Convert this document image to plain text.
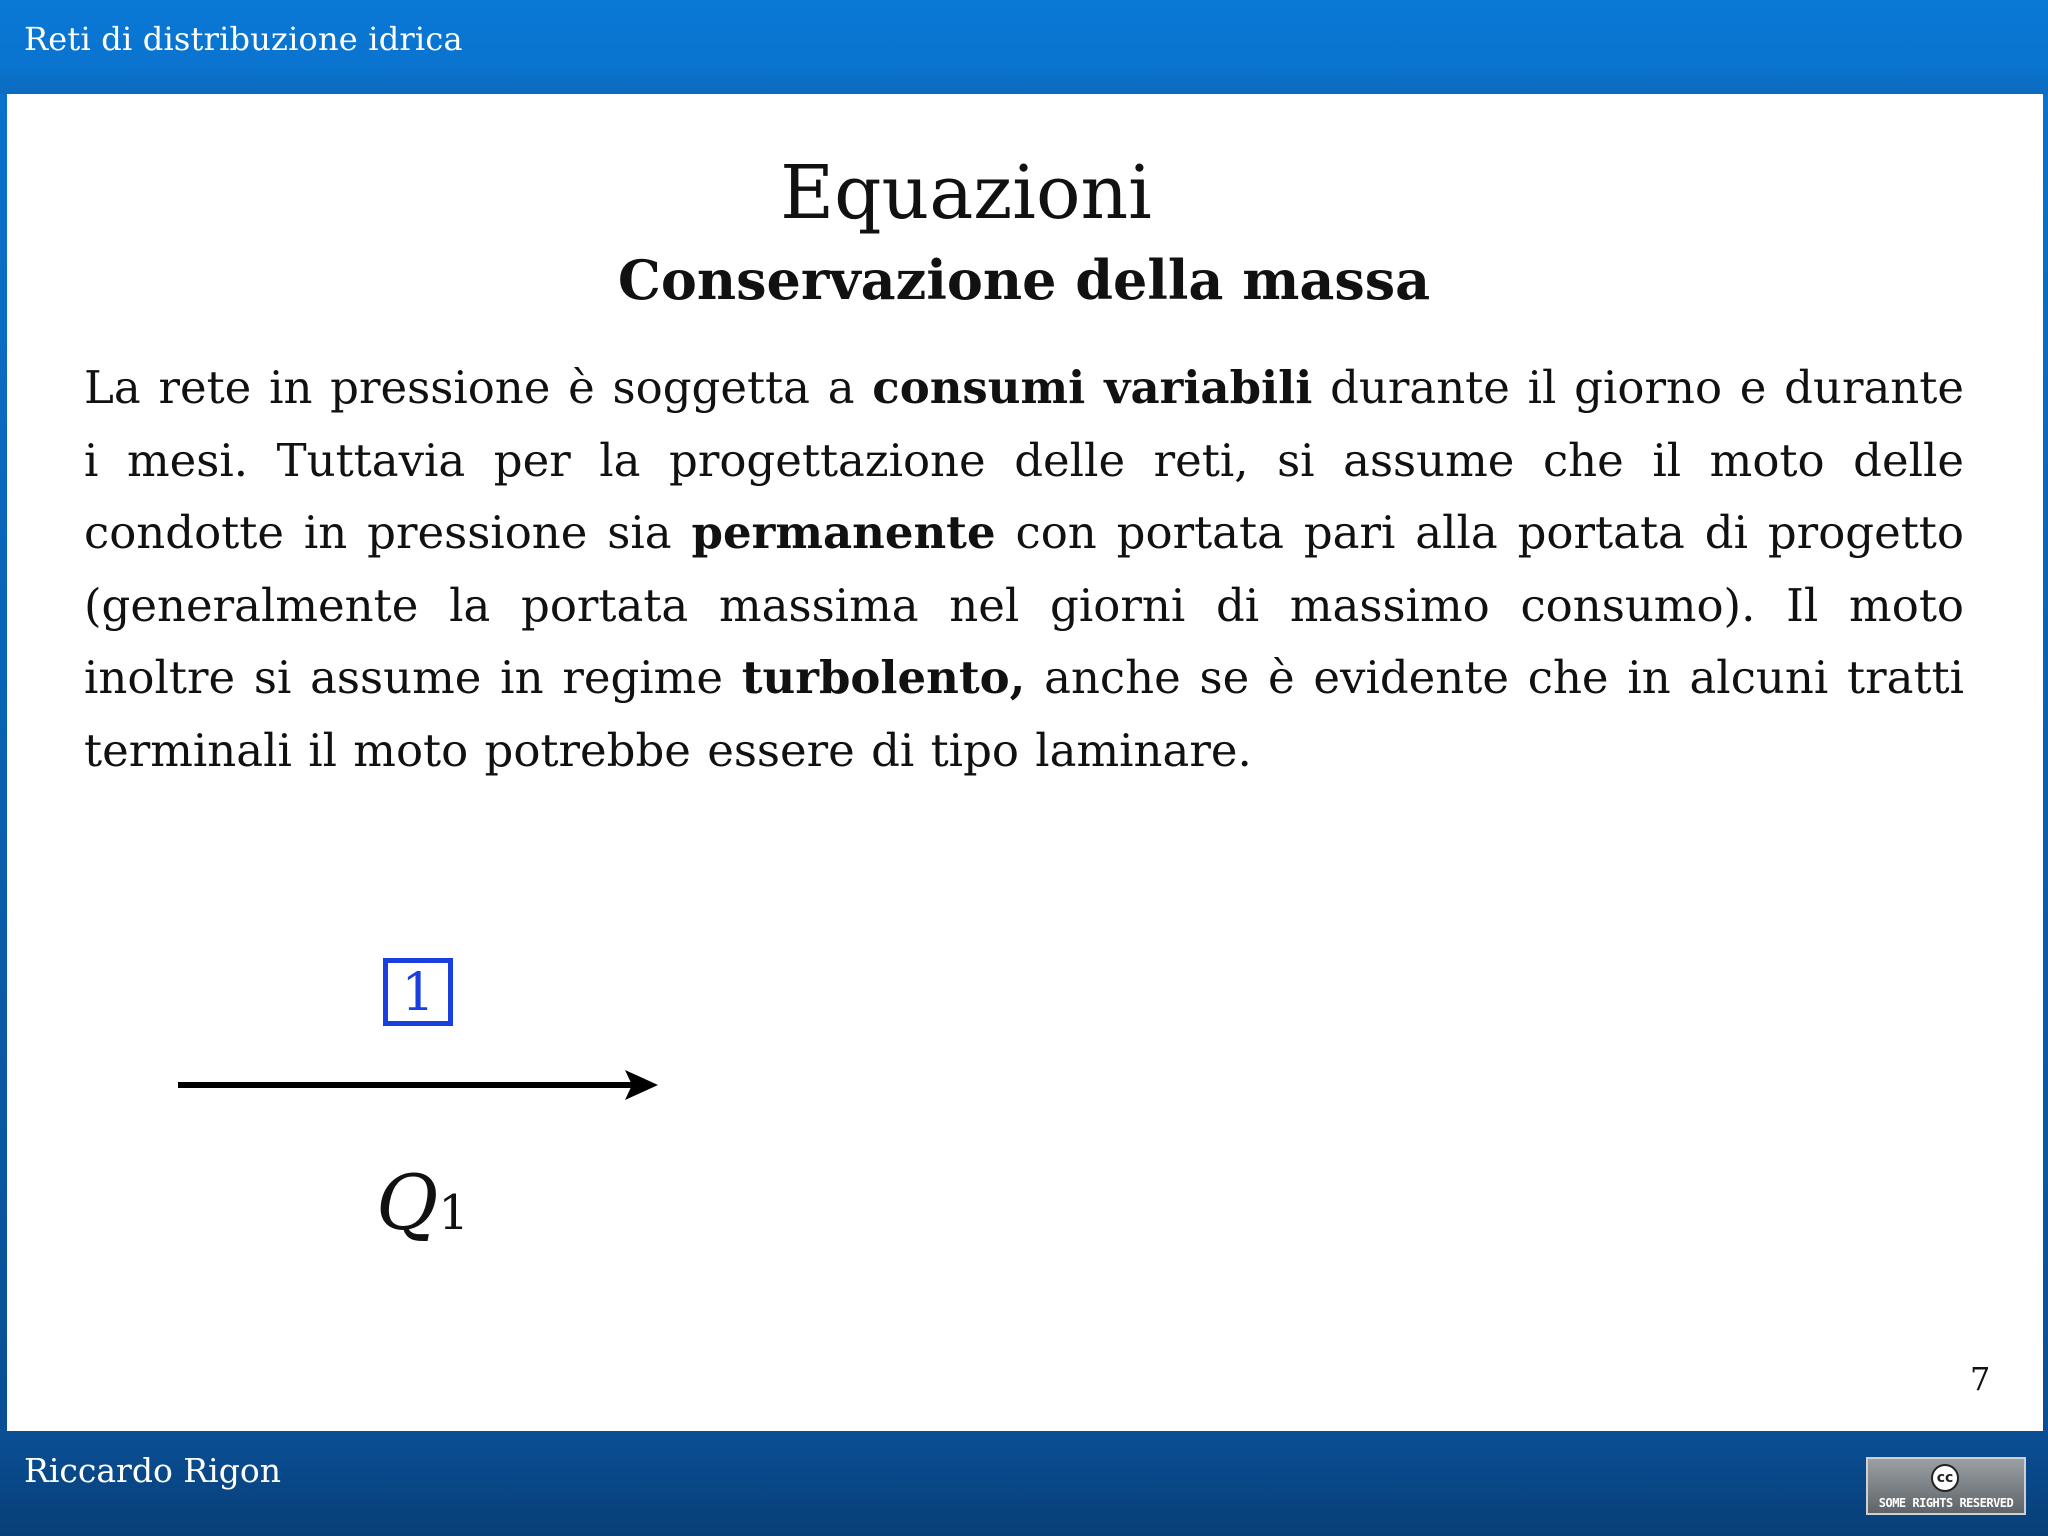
Reti di distribuzione idrica
Equazioni
Conservazione della massa

La rete in pressione è soggetta a consumi variabili durante il giorno e durante i mesi. Tuttavia per la progettazione delle reti, si assume che il moto delle condotte in pressione sia permanente con portata pari alla portata di progetto (generalmente la portata massima nel giorni di massimo consumo). Il moto inoltre si assume in regime turbolento, anche se è evidente che in alcuni tratti terminali il moto potrebbe essere di tipo laminare.

1
Q1
7
Riccardo Rigon	cc
SOME RIGHTS RESERVED
